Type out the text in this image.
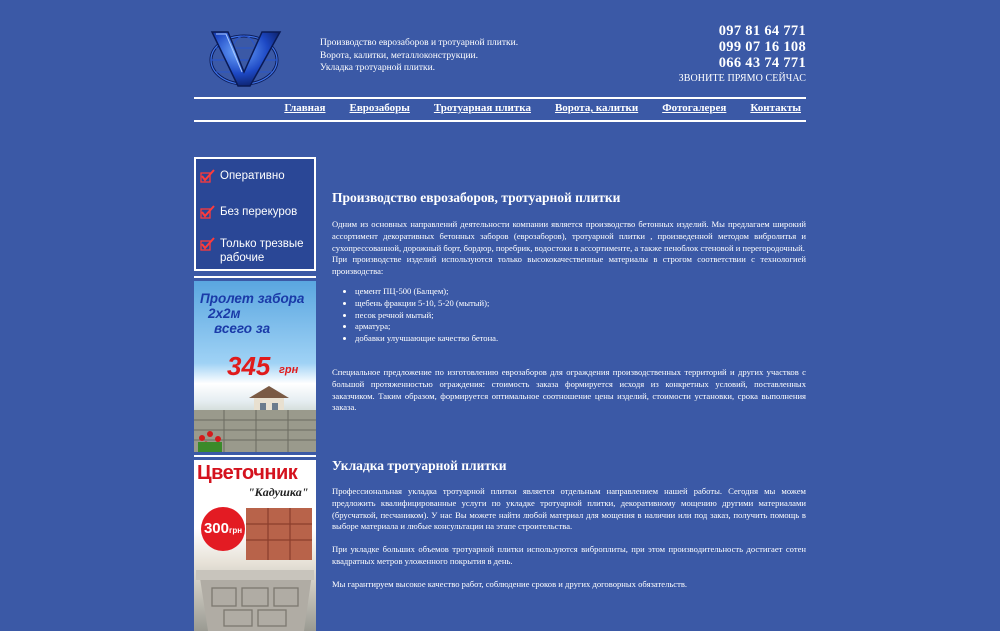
Производство еврозаборов и тротуарной плитки.
Ворота, калитки, металлоконструкции.
Укладка тротуарной плитки.
097 81 64 771
099 07 16 108
066 43 74 771
ЗВОНИТЕ ПРЯМО СЕЙЧАС
Главная Еврозаборы Тротуарная плитка Ворота, калитки Фотогалерея Контакты
Оперативно
Без перекуров
Только трезвые рабочие
Пролет забора
2х2м
всего за
345 грн
Цветочник
"Кадушка"
300грн
Производство еврозаборов, тротуарной плитки

Одним из основных направлений деятельности компании является производство бетонных изделий. Мы предлагаем широкий ассортимент декоративных бетонных заборов (еврозаборов), тротуарной плитки , произведенной методом вибролитья и сухопрессованной, дорожный борт, бордюр, поребрик, водостоки в ассортименте, а также пеноблок стеновой и перегородочный.

При производстве изделий используются только высококачественные материалы в строгом соответствии с технологией производства:

• цемент ПЦ-500 (Балцем);
• щебень фракции 5-10, 5-20 (мытый);
• песок речной мытый;
• арматура;
• добавки улучшающие качество бетона.

Специальное предложение по изготовлению еврозаборов для ограждения производственных территорий и других участков с большой протяженностью ограждения: стоимость заказа формируется исходя из конкретных условий, поставленных заказчиком. Таким образом, формируется оптимальное соотношение цены изделий, стоимости установки, срока выполнения заказа.

Укладка тротуарной плитки

Профессиональная укладка тротуарной плитки является отдельным направлением нашей работы. Сегодня мы можем предложить квалифицированные услуги по укладке тротуарной плитки, декоративному мощению другими материалами (брусчаткой, песчаником). У нас Вы можете найти любой материал для мощения в наличии или под заказ, получить помощь в выборе материала и любые консультации на этапе строительства.

При укладке больших объемов тротуарной плитки используются виброплиты, при этом производительность достигает сотен квадратных метров уложенного покрытия в день.

Мы гарантируем высокое качество работ, соблюдение сроков и других договорных обязательств.
